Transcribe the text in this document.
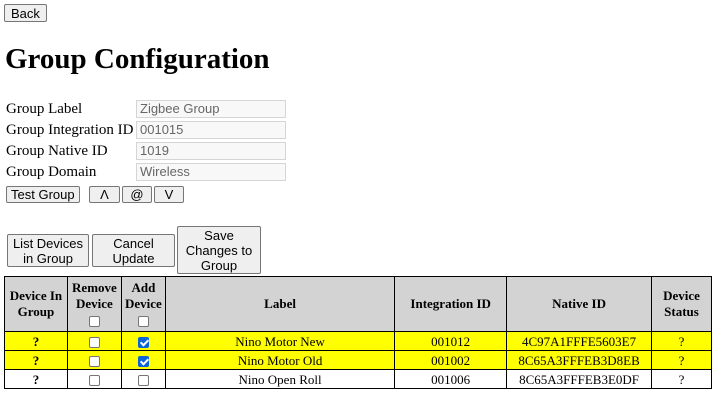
Back
Group Configuration
Group Label	Zigbee Group
Group Integration ID 001015
Group Native ID	1019
Group Domain	Wireless
Test Group	Λ	@	V
List Devices in Group
Cancel Update
Save Changes to Group
Device In Group	Remove Device	Add Device	Label	Integration ID	Native ID	Device Status
?			Nino Motor New	001012	4C97A1FFFE5603E7	?
?			Nino Motor Old	001002	8C65A3FFFEB3D8EB	?
?			Nino Open Roll	001006	8C65A3FFFEB3E0DF	?
